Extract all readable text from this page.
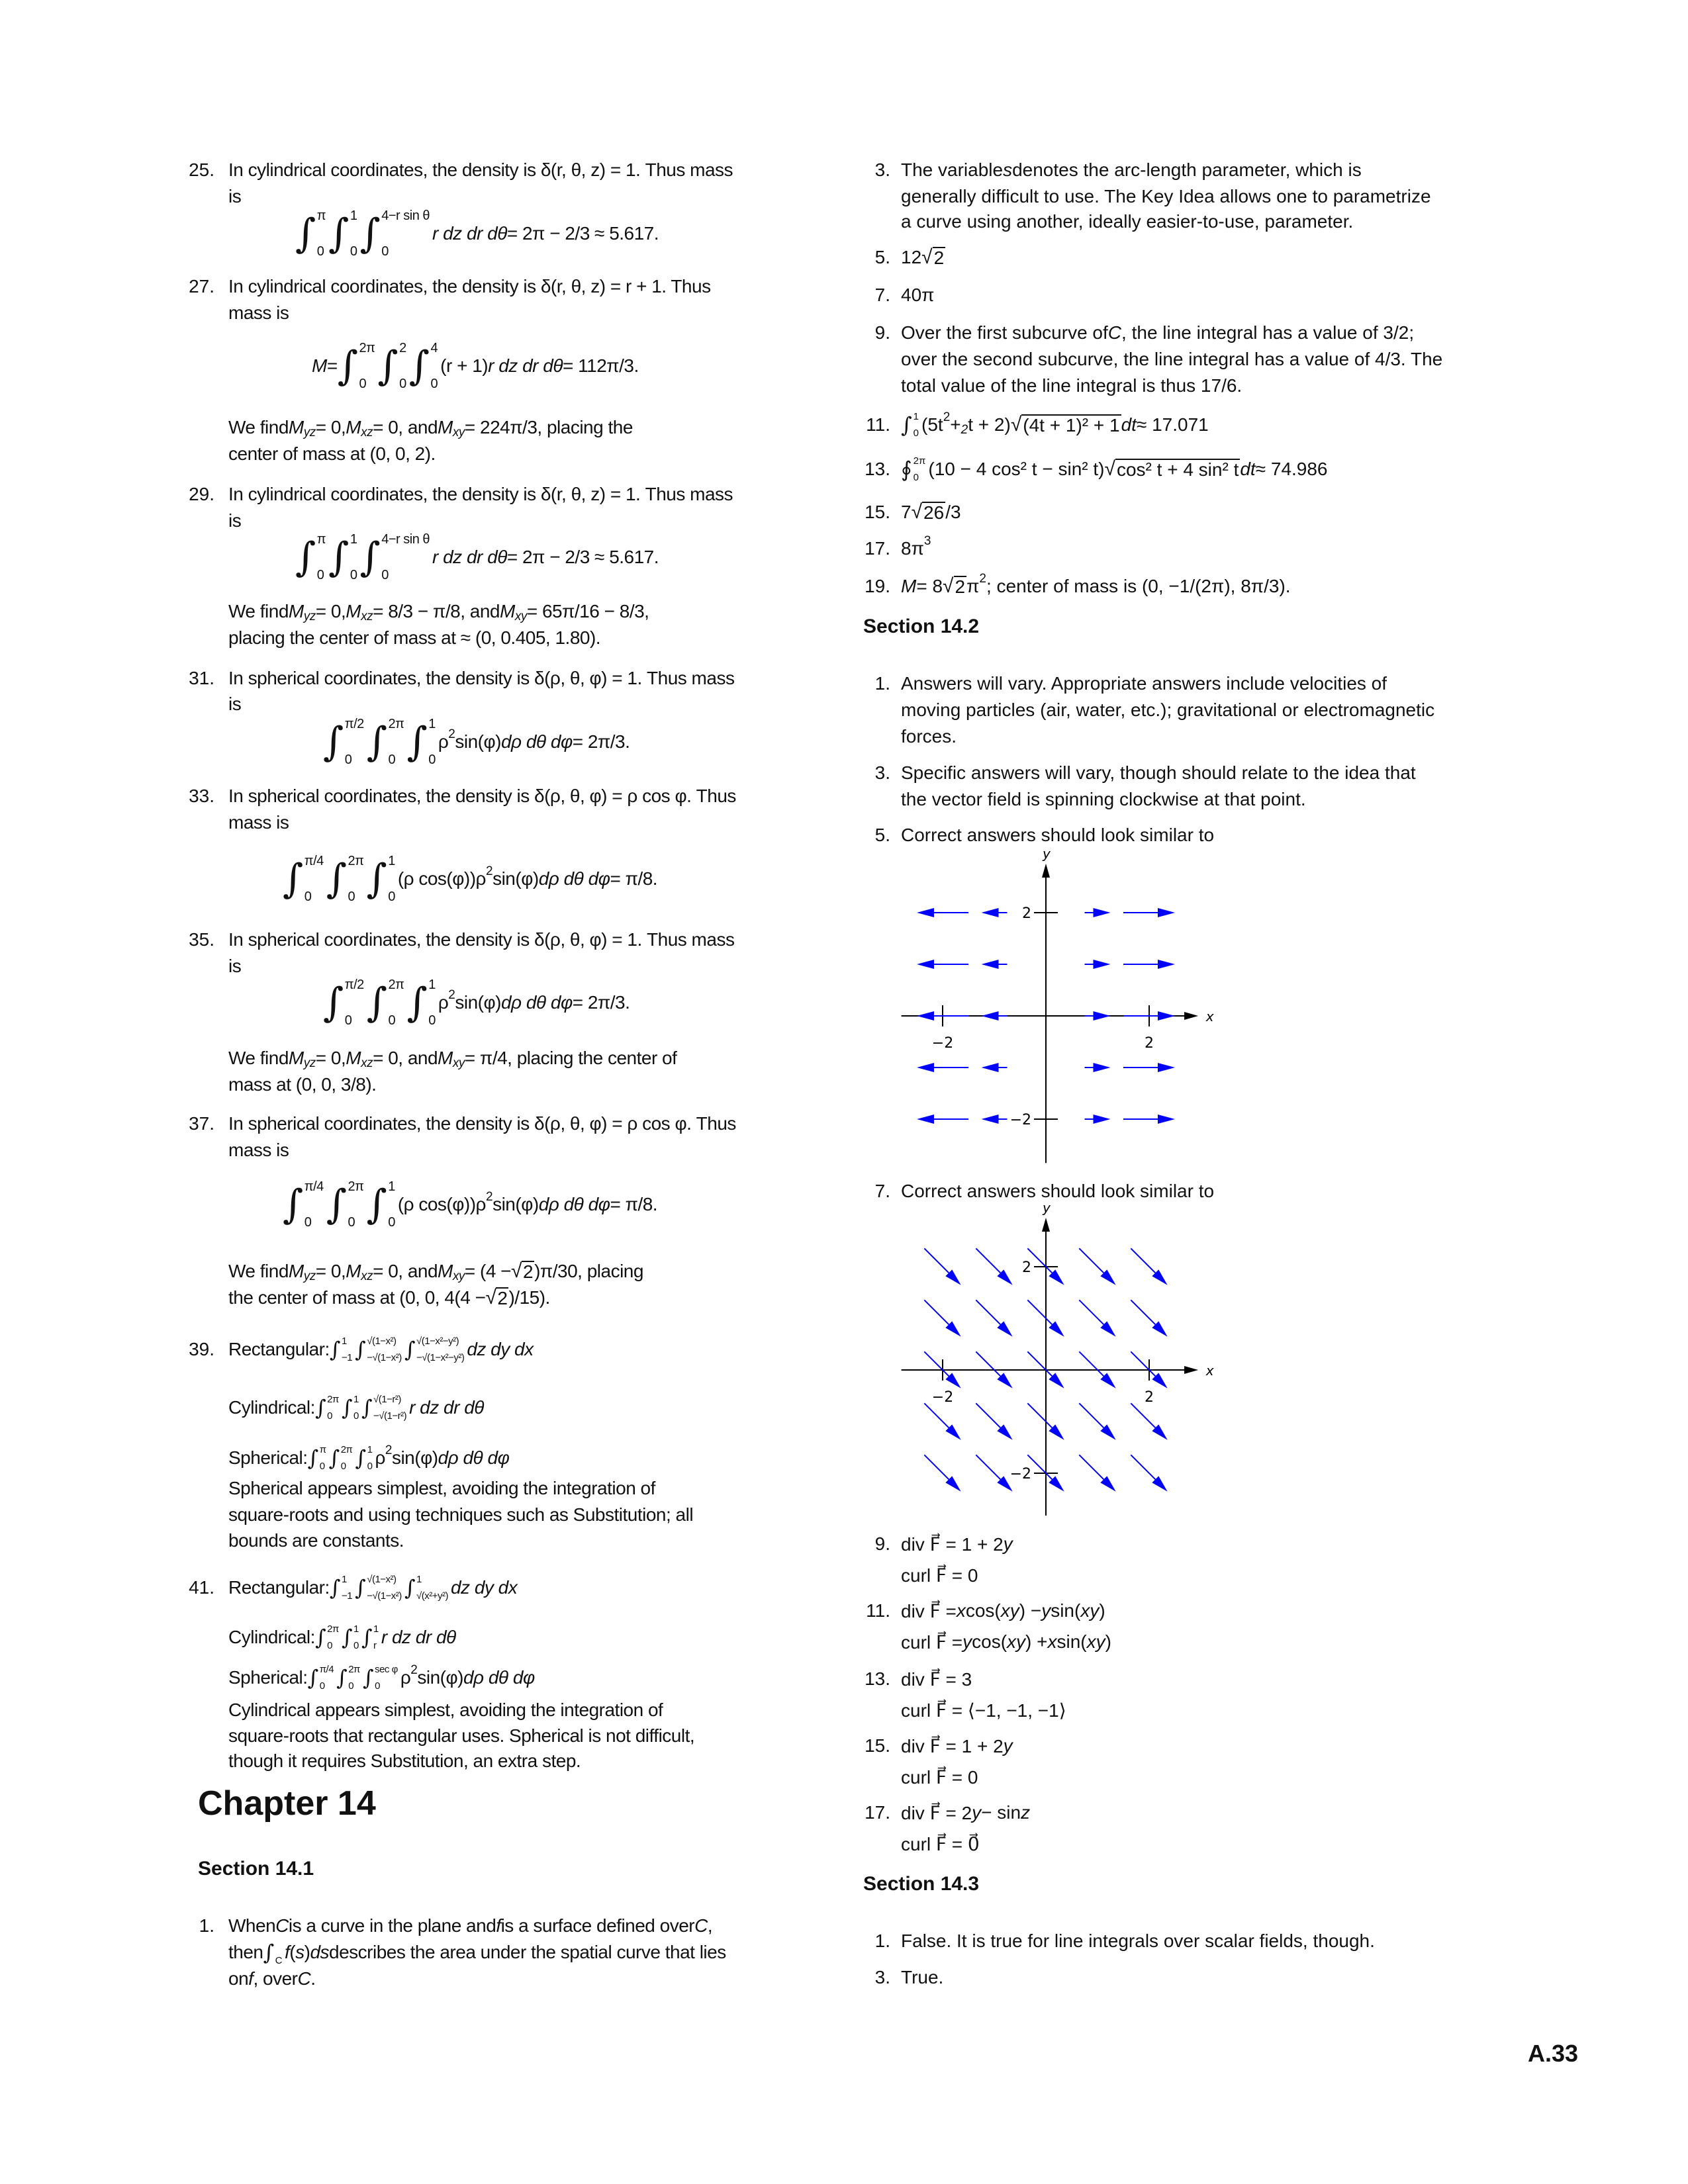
Chapter 14
Section 14.1
Section 14.2
Section 14.3
A.33
x
y
−2	2
2
−2
x
y
−2	2
2
−2
25. In cylindrical coordinates, the density is δ(r, θ, z) = 1. Thus mass
is
∫ π
0 ∫ 1
0 ∫ 4−r sin θ
0
r dz dr dθ = 2π − 2/3 ≈ 5.617.
27. In cylindrical coordinates, the density is δ(r, θ, z) = r + 1. Thus
mass is
M = ∫ 2π
0 ∫ 2
0 ∫ 4
0
(r + 1) r dz dr dθ = 112π/3.
We find M yz = 0, M xz = 0, and M xy = 224π/3, placing the
center of mass at (0, 0, 2).
29. In cylindrical coordinates, the density is δ(r, θ, z) = 1. Thus mass
is
∫ π
0 ∫ 1
0 ∫ 4−r sin θ
0
r dz dr dθ = 2π − 2/3 ≈ 5.617.
We find M yz = 0, M xz = 8/3 − π/8, and M xy = 65π/16 − 8/3,
placing the center of mass at ≈ (0, 0.405, 1.80).
31. In spherical coordinates, the density is δ(ρ, θ, φ) = 1. Thus mass
is
∫ π/2
0 ∫ 2π
0 ∫ 1
0
ρ 2 sin(φ) dρ dθ dφ = 2π/3.
33. In spherical coordinates, the density is δ(ρ, θ, φ) = ρ cos φ. Thus
mass is
∫ π/4
0 ∫ 2π
0 ∫ 1
0
(ρ cos(φ))ρ 2 sin(φ) dρ dθ dφ = π/8.
35. In spherical coordinates, the density is δ(ρ, θ, φ) = 1. Thus mass
is
∫ π/2
0 ∫ 2π
0 ∫ 1
0
ρ 2 sin(φ) dρ dθ dφ = 2π/3.
We find M yz = 0, M xz = 0, and M xy = π/4, placing the center of
mass at (0, 0, 3/8).
37. In spherical coordinates, the density is δ(ρ, θ, φ) = ρ cos φ. Thus
mass is
∫ π/4
0 ∫ 2π
0 ∫ 1
0
(ρ cos(φ))ρ 2 sin(φ) dρ dθ dφ = π/8.
We find M yz = 0, M xz = 0, and M xy = (4 − √ 2 )π/30, placing
the center of mass at (0, 0, 4(4 − √ 2 )/15).
39. Rectangular: ∫ 1
−1 ∫ √(1−x²)
−√(1−x²) ∫ √(1−x²−y²)
−√(1−x²−y²) dz dy dx
Cylindrical: ∫ 2π
0 ∫ 1
0 ∫ √(1−r²)
−√(1−r²) r dz dr dθ
Spherical: ∫ π
0 ∫ 2π
0 ∫ 1
0 ρ 2 sin(φ) dρ dθ dφ
Spherical appears simplest, avoiding the integration of
square-roots and using techniques such as Substitution; all
bounds are constants.
41. Rectangular: ∫ 1
−1 ∫ √(1−x²)
−√(1−x²) ∫ 1
√(x²+y²) dz dy dx
Cylindrical: ∫ 2π
0 ∫ 1
0 ∫ 1
r r dz dr dθ
Spherical: ∫ π/4
0 ∫ 2π
0 ∫ sec φ
0	ρ 2 sin(φ) dρ dθ dφ
Cylindrical appears simplest, avoiding the integration of
square-roots that rectangular uses. Spherical is not difficult,
though it requires Substitution, an extra step.
1. When C is a curve in the plane and f is a surface defined over C ,
then ∫ C f ( s ) ds describes the area under the spatial curve that lies
on f , over C .
3. The variable s denotes the arc-length parameter, which is
generally difficult to use. The Key Idea allows one to parametrize
a curve using another, ideally easier-to-use, parameter.
5. 12 √ 2
7. 40π
9. Over the first subcurve of C , the line integral has a value of 3/2;
over the second subcurve, the line integral has a value of 4/3. The
total value of the line integral is thus 17/6.
11. ∫ 1
0 (5t 2 + 2 t + 2) √ (4t + 1)² + 1 dt ≈ 17.071
13. ∮ 2π
0 (10 − 4 cos² t − sin² t) √ cos² t + 4 sin² t dt ≈ 74.986
15. 7 √ 26 /3
17. 8π 3
19. M = 8 √ 2 π 2 ; center of mass is (0, −1/(2π), 8π/3).
1. Answers will vary. Appropriate answers include velocities of
moving particles (air, water, etc.); gravitational or electromagnetic
forces.
3. Specific answers will vary, though should relate to the idea that
the vector field is spinning clockwise at that point.
5. Correct answers should look similar to
7. Correct answers should look similar to
9. div F⃗ = 1 + 2 y
curl F⃗ = 0
11. div F⃗ = x cos( xy ) − y sin( xy )
curl F⃗ = y cos( xy ) + x sin( xy )
13. div F⃗ = 3
curl F⃗ = ⟨−1, −1, −1⟩
15. div F⃗ = 1 + 2 y
curl F⃗ = 0
17. div F⃗ = 2 y − sin z
curl F⃗ = 0⃗
1. False. It is true for line integrals over scalar fields, though.
3. True.
